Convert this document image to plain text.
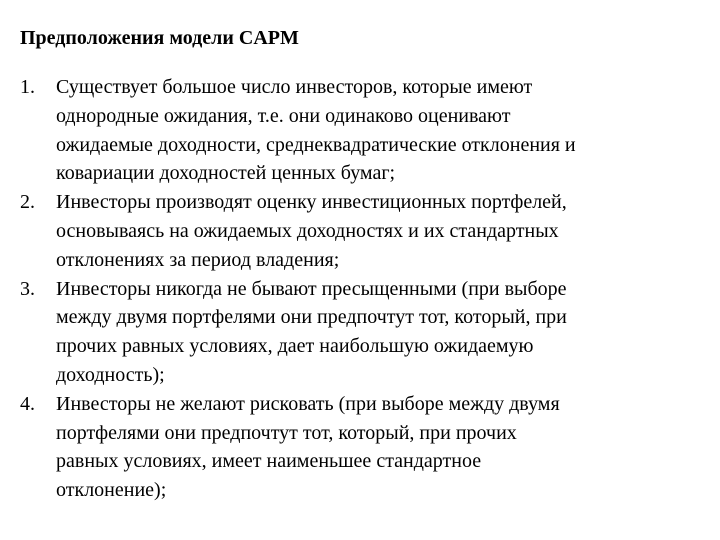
Предположения модели CAPM
1.	Существует большое число инвесторов, которые имеют
однородные ожидания, т.е. они одинаково оценивают
ожидаемые доходности, среднеквадратические отклонения и
ковариации доходностей ценных бумаг;
2.	Инвесторы производят оценку инвестиционных портфелей,
основываясь на ожидаемых доходностях и их стандартных
отклонениях за период владения;
3.	Инвесторы никогда не бывают пресыщенными (при выборе
между двумя портфелями они предпочтут тот, который, при
прочих равных условиях, дает наибольшую ожидаемую
доходность);
4.	Инвесторы не желают рисковать (при выборе между двумя
портфелями они предпочтут тот, который, при прочих
равных условиях, имеет наименьшее стандартное
отклонение);
